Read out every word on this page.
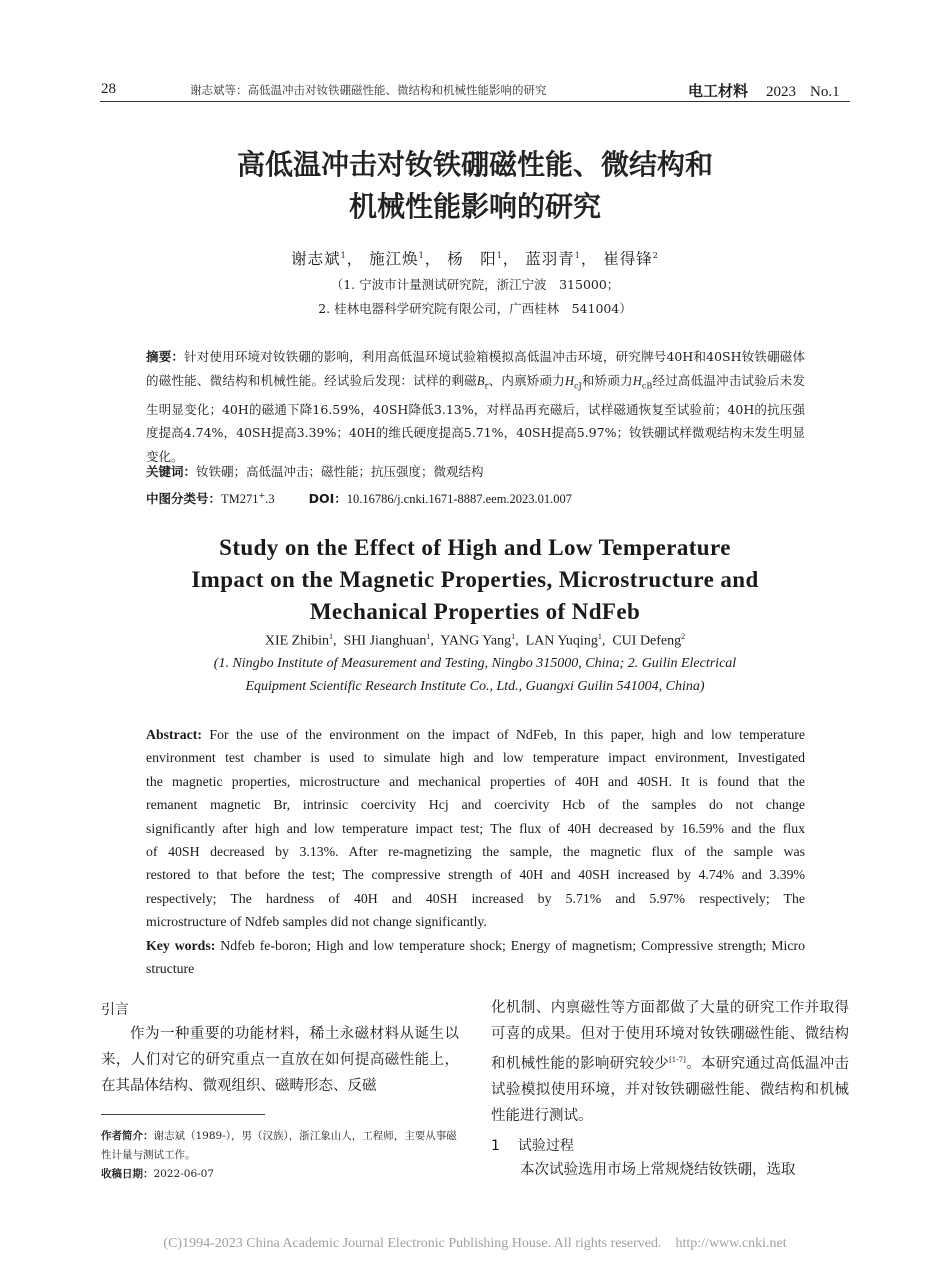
28	谢志斌等：高低温冲击对钕铁硼磁性能、微结构和机械性能影响的研究	电工材料 2023 No.1
高低温冲击对钕铁硼磁性能、微结构和
机械性能影响的研究
谢志斌$^1$， 施江焕$^1$， 杨　阳$^1$， 蓝羽青$^1$， 崔得锋$^2$
（1. 宁波市计量测试研究院，浙江宁波　315000；
2. 桂林电器科学研究院有限公司，广西桂林　541004）
摘要：针对使用环境对钕铁硼的影响，利用高低温环境试验箱模拟高低温冲击环境，研究牌号40H和40SH钕铁硼磁体的磁性能、微结构和机械性能。经试验后发现：试样的剩磁$B_r$、内禀矫顽力$H_{cJ}$和矫顽力$H_{cB}$经过高低温冲击试验后未发生明显变化；40H的磁通下降16.59%，40SH降低3.13%，对样品再充磁后，试样磁通恢复至试验前；40H的抗压强度提高4.74%，40SH提高3.39%；40H的维氏硬度提高5.71%，40SH提高5.97%；钕铁硼试样微观结构未发生明显变化。
关键词：钕铁硼；高低温冲击；磁性能；抗压强度；微观结构
中图分类号：TM271+.3	DOI：10.16786/j.cnki.1671-8887.eem.2023.01.007
Study on the Effect of High and Low Temperature
Impact on the Magnetic Properties, Microstructure and
Mechanical Properties of NdFeb
XIE Zhibin$^1$,  SHI Jianghuan$^1$,  YANG Yang$^1$,  LAN Yuqing$^1$,  CUI Defeng$^2$
(1. Ningbo Institute of Measurement and Testing, Ningbo 315000, China; 2. Guilin Electrical
Equipment Scientific Research Institute Co., Ltd., Guangxi Guilin 541004, China)
Abstract: For the use of the environment on the impact of NdFeb, In this paper, high and low temperature
environment test chamber is used to simulate high and low temperature impact environment, Investigated
the magnetic properties, microstructure and mechanical properties of 40H and 40SH. It is found that the
remanent magnetic Br, intrinsic coercivity Hcj and coercivity Hcb of the samples do not change
significantly after high and low temperature impact test; The flux of 40H decreased by 16.59% and the flux
of 40SH decreased by 3.13%. After re-magnetizing the sample, the magnetic flux of the sample was
restored to that before the test; The compressive strength of 40H and 40SH increased by 4.74% and 3.39%
respectively; The hardness of 40H and 40SH increased by 5.71% and 5.97% respectively; The
microstructure of Ndfeb samples did not change significantly.
Key words: Ndfeb fe-boron; High and low temperature shock; Energy of magnetism; Compressive strength; Micro structure
引言
作为一种重要的功能材料，稀土永磁材料从诞生以来，人们对它的研究重点一直放在如何提高磁性能上，在其晶体结构、微观组织、磁畴形态、反磁
作者简介：谢志斌（1989-），男（汉族），浙江象山人，工程师，主要从事磁性计量与测试工作。
收稿日期：2022-06-07
化机制、内禀磁性等方面都做了大量的研究工作并取得可喜的成果。但对于使用环境对钕铁硼磁性能、微结构和机械性能的影响研究较少[1-7]。本研究通过高低温冲击试验模拟使用环境，并对钕铁硼磁性能、微结构和机械性能进行测试。
1 试验过程
本次试验选用市场上常规烧结钕铁硼，选取
(C)1994-2023 China Academic Journal Electronic Publishing House. All rights reserved. http://www.cnki.net
